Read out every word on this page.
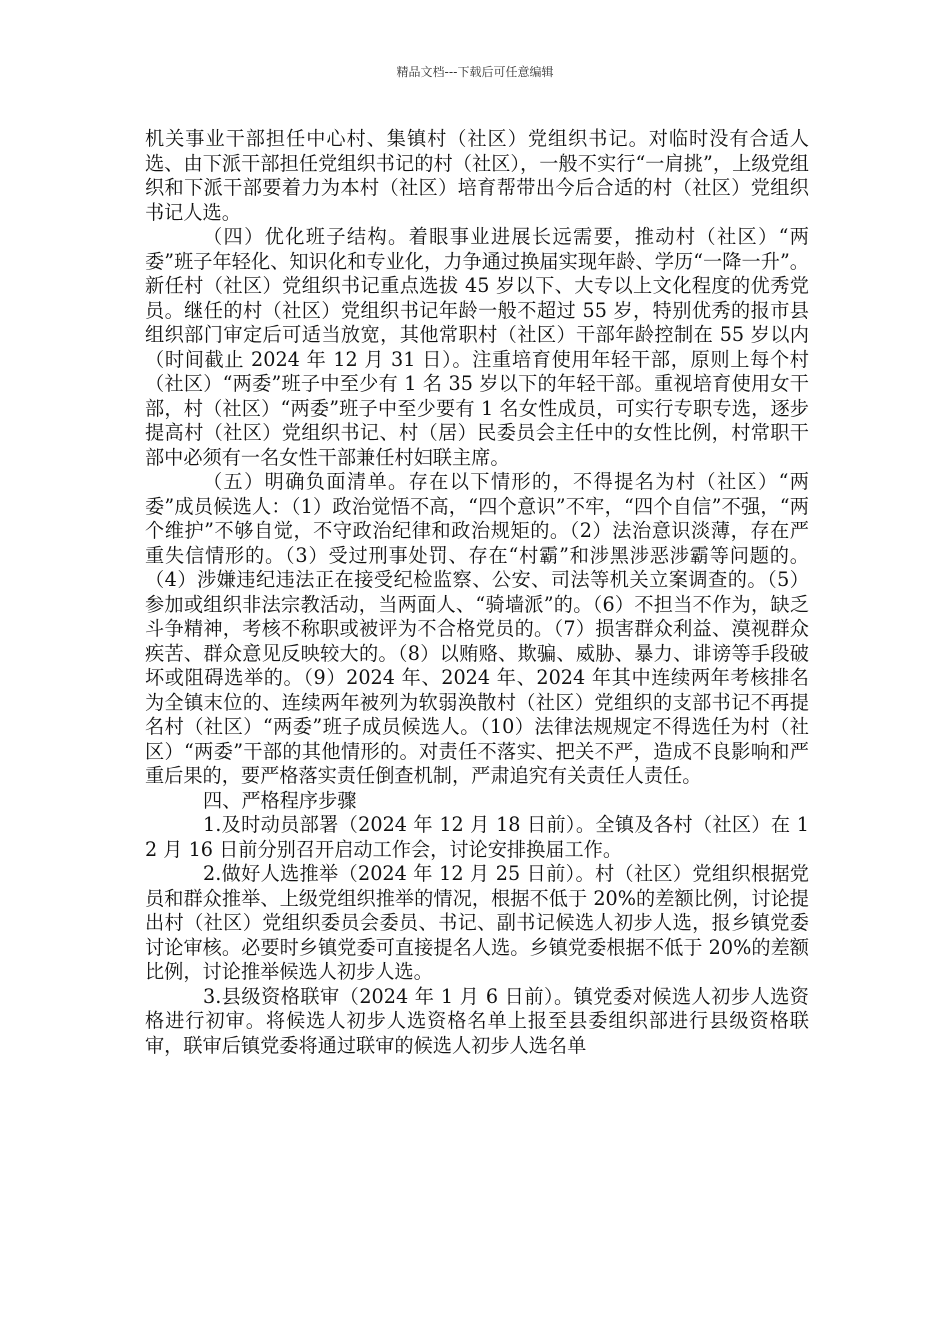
精品文档---下载后可任意编辑

机关事业干部担任中心村、集镇村（社区）党组织书记。对临时没有合适人选、由下派干部担任党组织书记的村（社区），一般不实行“一肩挑”，上级党组织和下派干部要着力为本村（社区）培育帮带出今后合适的村（社区）党组织书记人选。

（四）优化班子结构。着眼事业进展长远需要，推动村（社区）“两委”班子年轻化、知识化和专业化，力争通过换届实现年龄、学历“一降一升”。新任村（社区）党组织书记重点选拔 45 岁以下、大专以上文化程度的优秀党员。继任的村（社区）党组织书记年龄一般不超过 55 岁，特别优秀的报市县组织部门审定后可适当放宽，其他常职村（社区）干部年龄控制在 55 岁以内（时间截止 2024 年 12 月 31 日）。注重培育使用年轻干部，原则上每个村（社区）“两委”班子中至少有 1 名 35 岁以下的年轻干部。重视培育使用女干部，村（社区）“两委”班子中至少要有 1 名女性成员，可实行专职专选，逐步提高村（社区）党组织书记、村（居）民委员会主任中的女性比例，村常职干部中必须有一名女性干部兼任村妇联主席。

（五）明确负面清单。存在以下情形的，不得提名为村（社区）“两委”成员候选人：（1）政治觉悟不高，“四个意识”不牢，“四个自信”不强，“两个维护”不够自觉，不守政治纪律和政治规矩的。（2）法治意识淡薄，存在严重失信情形的。（3）受过刑事处罚、存在“村霸”和涉黑涉恶涉霸等问题的。（4）涉嫌违纪违法正在接受纪检监察、公安、司法等机关立案调查的。（5）参加或组织非法宗教活动，当两面人、“骑墙派”的。（6）不担当不作为，缺乏斗争精神，考核不称职或被评为不合格党员的。（7）损害群众利益、漠视群众疾苦、群众意见反映较大的。（8）以贿赂、欺骗、威胁、暴力、诽谤等手段破坏或阻碍选举的。（9）2024 年、2024 年、2024 年其中连续两年考核排名为全镇末位的、连续两年被列为软弱涣散村（社区）党组织的支部书记不再提名村（社区）“两委”班子成员候选人。（10）法律法规规定不得选任为村（社区）“两委”干部的其他情形的。对责任不落实、把关不严，造成不良影响和严重后果的，要严格落实责任倒查机制，严肃追究有关责任人责任。

四、严格程序步骤

1.及时动员部署（2024 年 12 月 18 日前）。全镇及各村（社区）在 12 月 16 日前分别召开启动工作会，讨论安排换届工作。

2.做好人选推举（2024 年 12 月 25 日前）。村（社区）党组织根据党员和群众推举、上级党组织推举的情况，根据不低于 20%的差额比例，讨论提出村（社区）党组织委员会委员、书记、副书记候选人初步人选，报乡镇党委讨论审核。必要时乡镇党委可直接提名人选。乡镇党委根据不低于 20%的差额比例，讨论推举候选人初步人选。

3.县级资格联审（2024 年 1 月 6 日前）。镇党委对候选人初步人选资格进行初审。将候选人初步人选资格名单上报至县委组织部进行县级资格联审，联审后镇党委将通过联审的候选人初步人选名单
